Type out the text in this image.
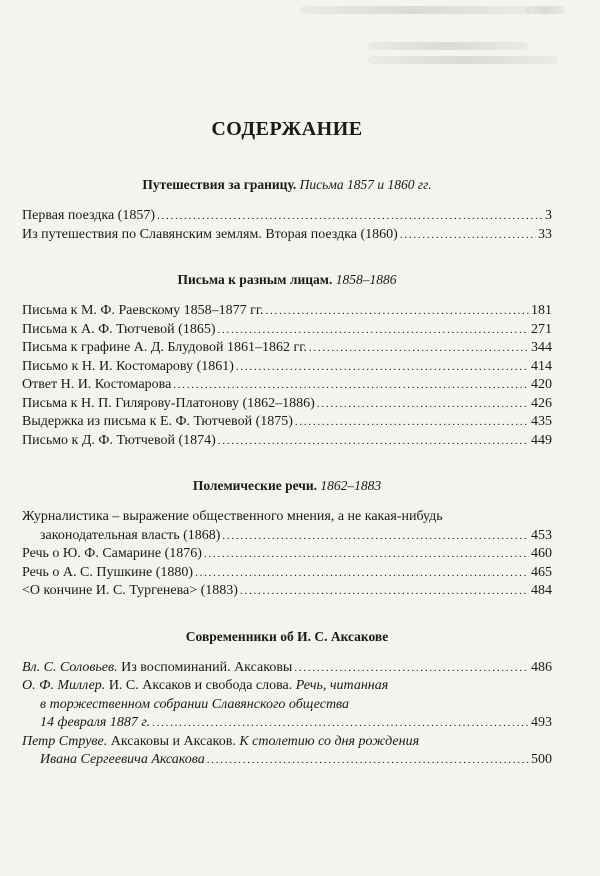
СОДЕРЖАНИЕ
Путешествия за границу. Письма 1857 и 1860 гг.
Первая поездка (1857) . . .	3
Из путешествия по Славянским землям. Вторая поездка (1860) . . .	33
Письма к разным лицам. 1858–1886
Письма к М. Ф. Раевскому 1858–1877 гг. . . .	181
Письма к А. Ф. Тютчевой (1865) . . .	271
Письма к графине А. Д. Блудовой 1861–1862 гг. . . .	344
Письмо к Н. И. Костомарову (1861) . . .	414
Ответ Н. И. Костомарова . . .	420
Письма к Н. П. Гилярову-Платонову (1862–1886) . . .	426
Выдержка из письма к Е. Ф. Тютчевой (1875) . . .	435
Письмо к Д. Ф. Тютчевой (1874) . . .	449
Полемические речи. 1862–1883
Журналистика – выражение общественного мнения, а не какая-нибудь
законодательная власть (1868) . . .	453
Речь о Ю. Ф. Самарине (1876) . . .	460
Речь о А. С. Пушкине (1880) . . .	465
<О кончине И. С. Тургенева> (1883) . . .	484
Современники об И. С. Аксакове
Вл. С. Соловьев. Из воспоминаний. Аксаковы . . .	486
О. Ф. Миллер. И. С. Аксаков и свобода слова. Речь, читанная
в торжественном собрании Славянского общества
14 февраля 1887 г. . . .	493
Петр Струве. Аксаковы и Аксаков. К столетию со дня рождения
Ивана Сергеевича Аксакова . . .	500
